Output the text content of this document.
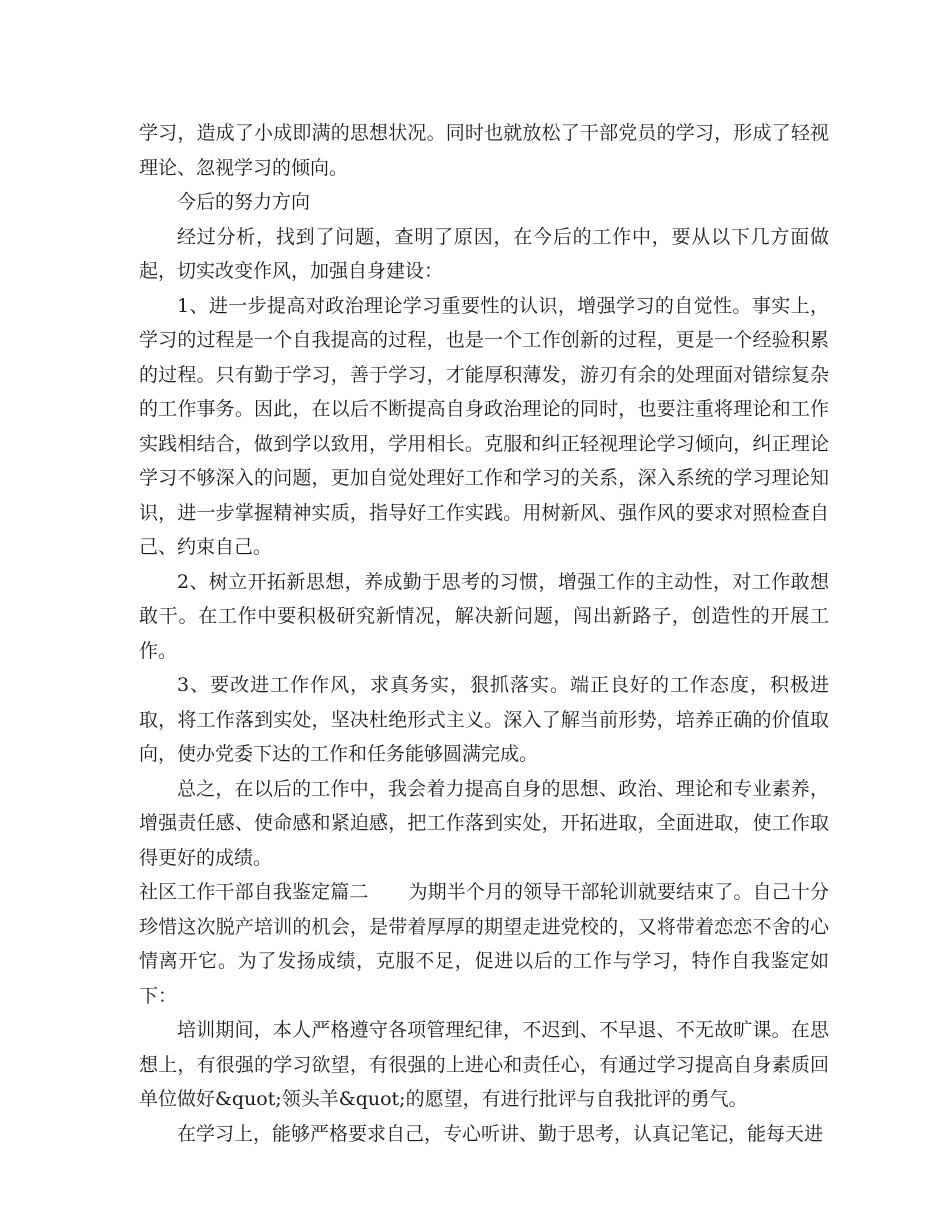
学习，造成了小成即满的思想状况。同时也就放松了干部党员的学习，形成了轻视理论、忽视学习的倾向。

今后的努力方向

经过分析，找到了问题，查明了原因，在今后的工作中，要从以下几方面做起，切实改变作风，加强自身建设：

1、进一步提高对政治理论学习重要性的认识，增强学习的自觉性。事实上，学习的过程是一个自我提高的过程，也是一个工作创新的过程，更是一个经验积累的过程。只有勤于学习，善于学习，才能厚积薄发，游刃有余的处理面对错综复杂的工作事务。因此，在以后不断提高自身政治理论的同时，也要注重将理论和工作实践相结合，做到学以致用，学用相长。克服和纠正轻视理论学习倾向，纠正理论学习不够深入的问题，更加自觉处理好工作和学习的关系，深入系统的学习理论知识，进一步掌握精神实质，指导好工作实践。用树新风、强作风的要求对照检查自己、约束自己。

2、树立开拓新思想，养成勤于思考的习惯，增强工作的主动性，对工作敢想敢干。在工作中要积极研究新情况，解决新问题，闯出新路子，创造性的开展工作。

3、要改进工作作风，求真务实，狠抓落实。端正良好的工作态度，积极进取，将工作落到实处，坚决杜绝形式主义。深入了解当前形势，培养正确的价值取向，使办党委下达的工作和任务能够圆满完成。

总之，在以后的工作中，我会着力提高自身的思想、政治、理论和专业素养，增强责任感、使命感和紧迫感，把工作落到实处，开拓进取，全面进取，使工作取得更好的成绩。

社区工作干部自我鉴定篇二 为期半个月的领导干部轮训就要结束了。自己十分珍惜这次脱产培训的机会，是带着厚厚的期望走进党校的，又将带着恋恋不舍的心情离开它。为了发扬成绩，克服不足，促进以后的工作与学习，特作自我鉴定如下：

培训期间，本人严格遵守各项管理纪律，不迟到、不早退、不无故旷课。在思想上，有很强的学习欲望，有很强的上进心和责任心，有通过学习提高自身素质回单位做好&quot;领头羊&quot;的愿望，有进行批评与自我批评的勇气。

在学习上，能够严格要求自己，专心听讲、勤于思考，认真记笔记，能每天进
